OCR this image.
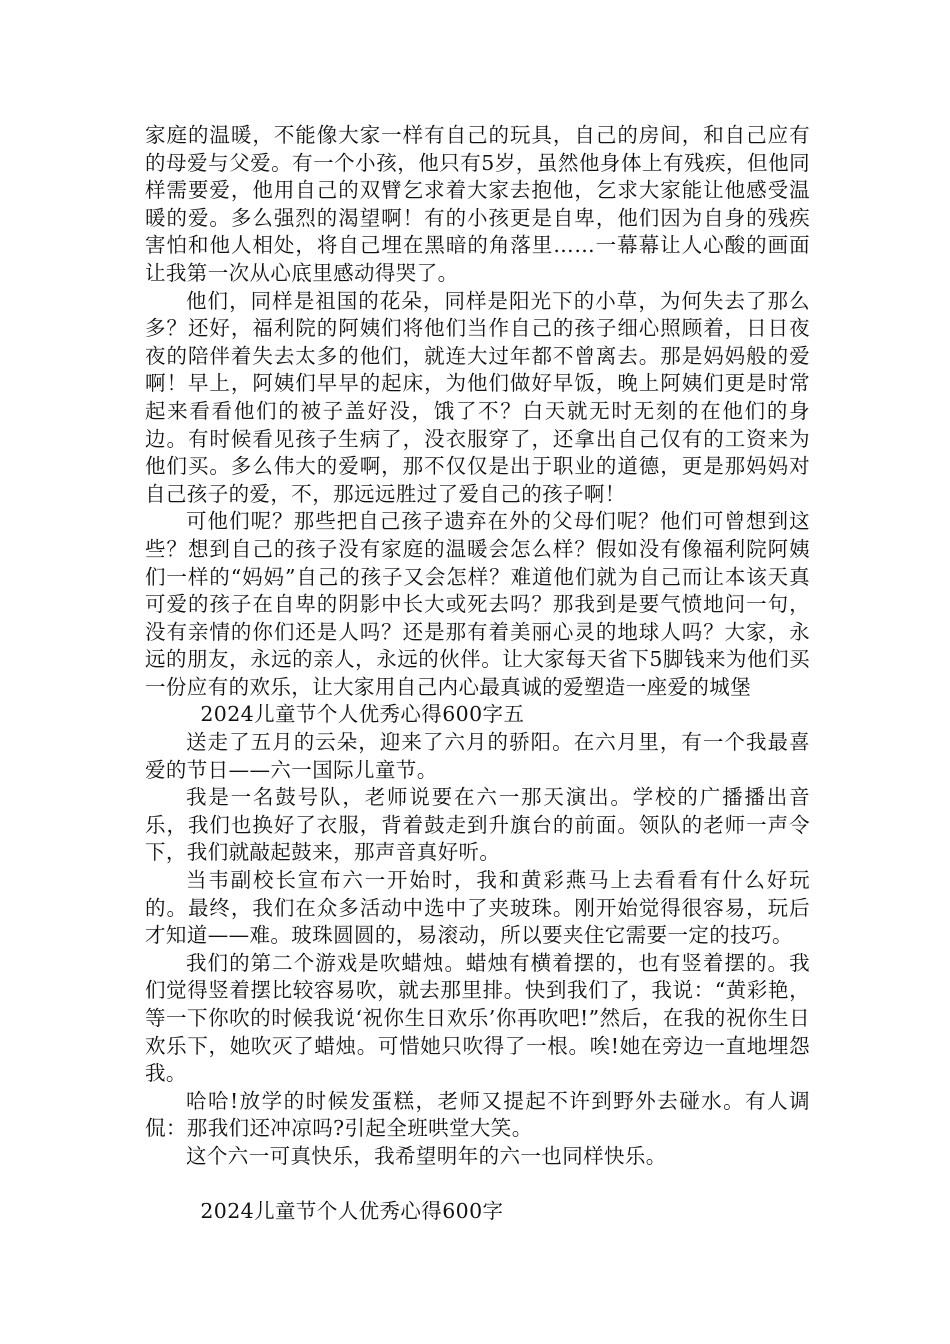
家庭的温暖，不能像大家一样有自己的玩具，自己的房间，和自己应有的母爱与父爱。有一个小孩，他只有5岁，虽然他身体上有残疾，但他同样需要爱，他用自己的双臂乞求着大家去抱他，乞求大家能让他感受温暖的爱。多么强烈的渴望啊！有的小孩更是自卑，他们因为自身的残疾害怕和他人相处，将自己埋在黑暗的角落里……一幕幕让人心酸的画面让我第一次从心底里感动得哭了。

他们，同样是祖国的花朵，同样是阳光下的小草，为何失去了那么多？还好，福利院的阿姨们将他们当作自己的孩子细心照顾着，日日夜夜的陪伴着失去太多的他们，就连大过年都不曾离去。那是妈妈般的爱啊！早上，阿姨们早早的起床，为他们做好早饭，晚上阿姨们更是时常起来看看他们的被子盖好没，饿了不？白天就无时无刻的在他们的身边。有时候看见孩子生病了，没衣服穿了，还拿出自己仅有的工资来为他们买。多么伟大的爱啊，那不仅仅是出于职业的道德，更是那妈妈对自己孩子的爱，不，那远远胜过了爱自己的孩子啊！

可他们呢？那些把自己孩子遗弃在外的父母们呢？他们可曾想到这些？想到自己的孩子没有家庭的温暖会怎么样？假如没有像福利院阿姨们一样的“妈妈”自己的孩子又会怎样？难道他们就为自己而让本该天真可爱的孩子在自卑的阴影中长大或死去吗？那我到是要气愤地问一句，没有亲情的你们还是人吗？还是那有着美丽心灵的地球人吗？大家，永远的朋友，永远的亲人，永远的伙伴。让大家每天省下5脚钱来为他们买一份应有的欢乐，让大家用自己内心最真诚的爱塑造一座爱的城堡

2024儿童节个人优秀心得600字五

送走了五月的云朵，迎来了六月的骄阳。在六月里，有一个我最喜爱的节日——六一国际儿童节。

我是一名鼓号队，老师说要在六一那天演出。学校的广播播出音乐，我们也换好了衣服，背着鼓走到升旗台的前面。领队的老师一声令下，我们就敲起鼓来，那声音真好听。

当韦副校长宣布六一开始时，我和黄彩燕马上去看看有什么好玩的。最终，我们在众多活动中选中了夹玻珠。刚开始觉得很容易，玩后才知道——难。玻珠圆圆的，易滚动，所以要夹住它需要一定的技巧。

我们的第二个游戏是吹蜡烛。蜡烛有横着摆的，也有竖着摆的。我们觉得竖着摆比较容易吹，就去那里排。快到我们了，我说：“黄彩艳，等一下你吹的时候我说‘祝你生日欢乐’你再吹吧!”然后，在我的祝你生日欢乐下，她吹灭了蜡烛。可惜她只吹得了一根。唉!她在旁边一直地埋怨我。

哈哈!放学的时候发蛋糕，老师又提起不许到野外去碰水。有人调侃：那我们还冲凉吗?引起全班哄堂大笑。

这个六一可真快乐，我希望明年的六一也同样快乐。

2024儿童节个人优秀心得600字
